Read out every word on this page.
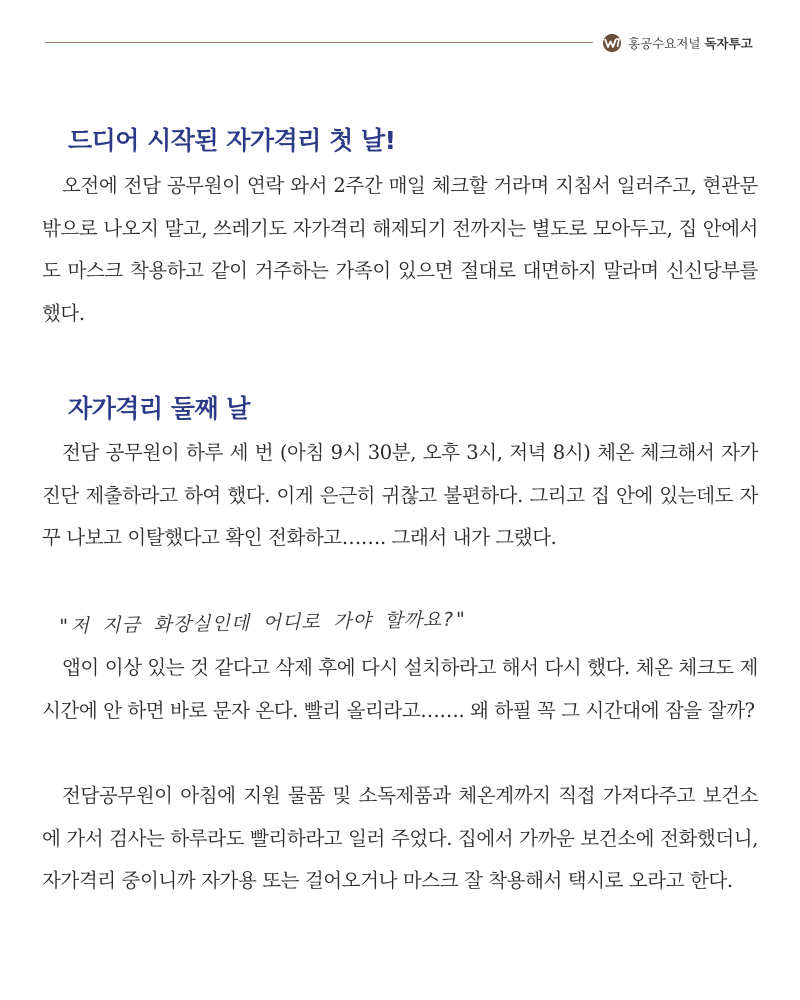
홍공수요저널 독자투고
드디어 시작된 자가격리 첫 날!

오전에 전담 공무원이 연락 와서 2주간 매일 체크할 거라며 지침서 일러주고, 현관문 밖으로 나오지 말고, 쓰레기도 자가격리 해제되기 전까지는 별도로 모아두고, 집 안에서도 마스크 착용하고 같이 거주하는 가족이 있으면 절대로 대면하지 말라며 신신당부를 했다.

자가격리 둘째 날

전담 공무원이 하루 세 번 (아침 9시 30분, 오후 3시, 저녁 8시) 체온 체크해서 자가진단 제출하라고 하여 했다. 이게 은근히 귀찮고 불편하다. 그리고 집 안에 있는데도 자꾸 나보고 이탈했다고 확인 전화하고……. 그래서 내가 그랬다.

"저 지금 화장실인데 어디로 가야 할까요?"

앱이 이상 있는 것 같다고 삭제 후에 다시 설치하라고 해서 다시 했다. 체온 체크도 제시간에 안 하면 바로 문자 온다. 빨리 올리라고……. 왜 하필 꼭 그 시간대에 잠을 잘까?

전담공무원이 아침에 지원 물품 및 소독제품과 체온계까지 직접 가져다주고 보건소에 가서 검사는 하루라도 빨리하라고 일러 주었다. 집에서 가까운 보건소에 전화했더니, 자가격리 중이니까 자가용 또는 걸어오거나 마스크 잘 착용해서 택시로 오라고 한다.
